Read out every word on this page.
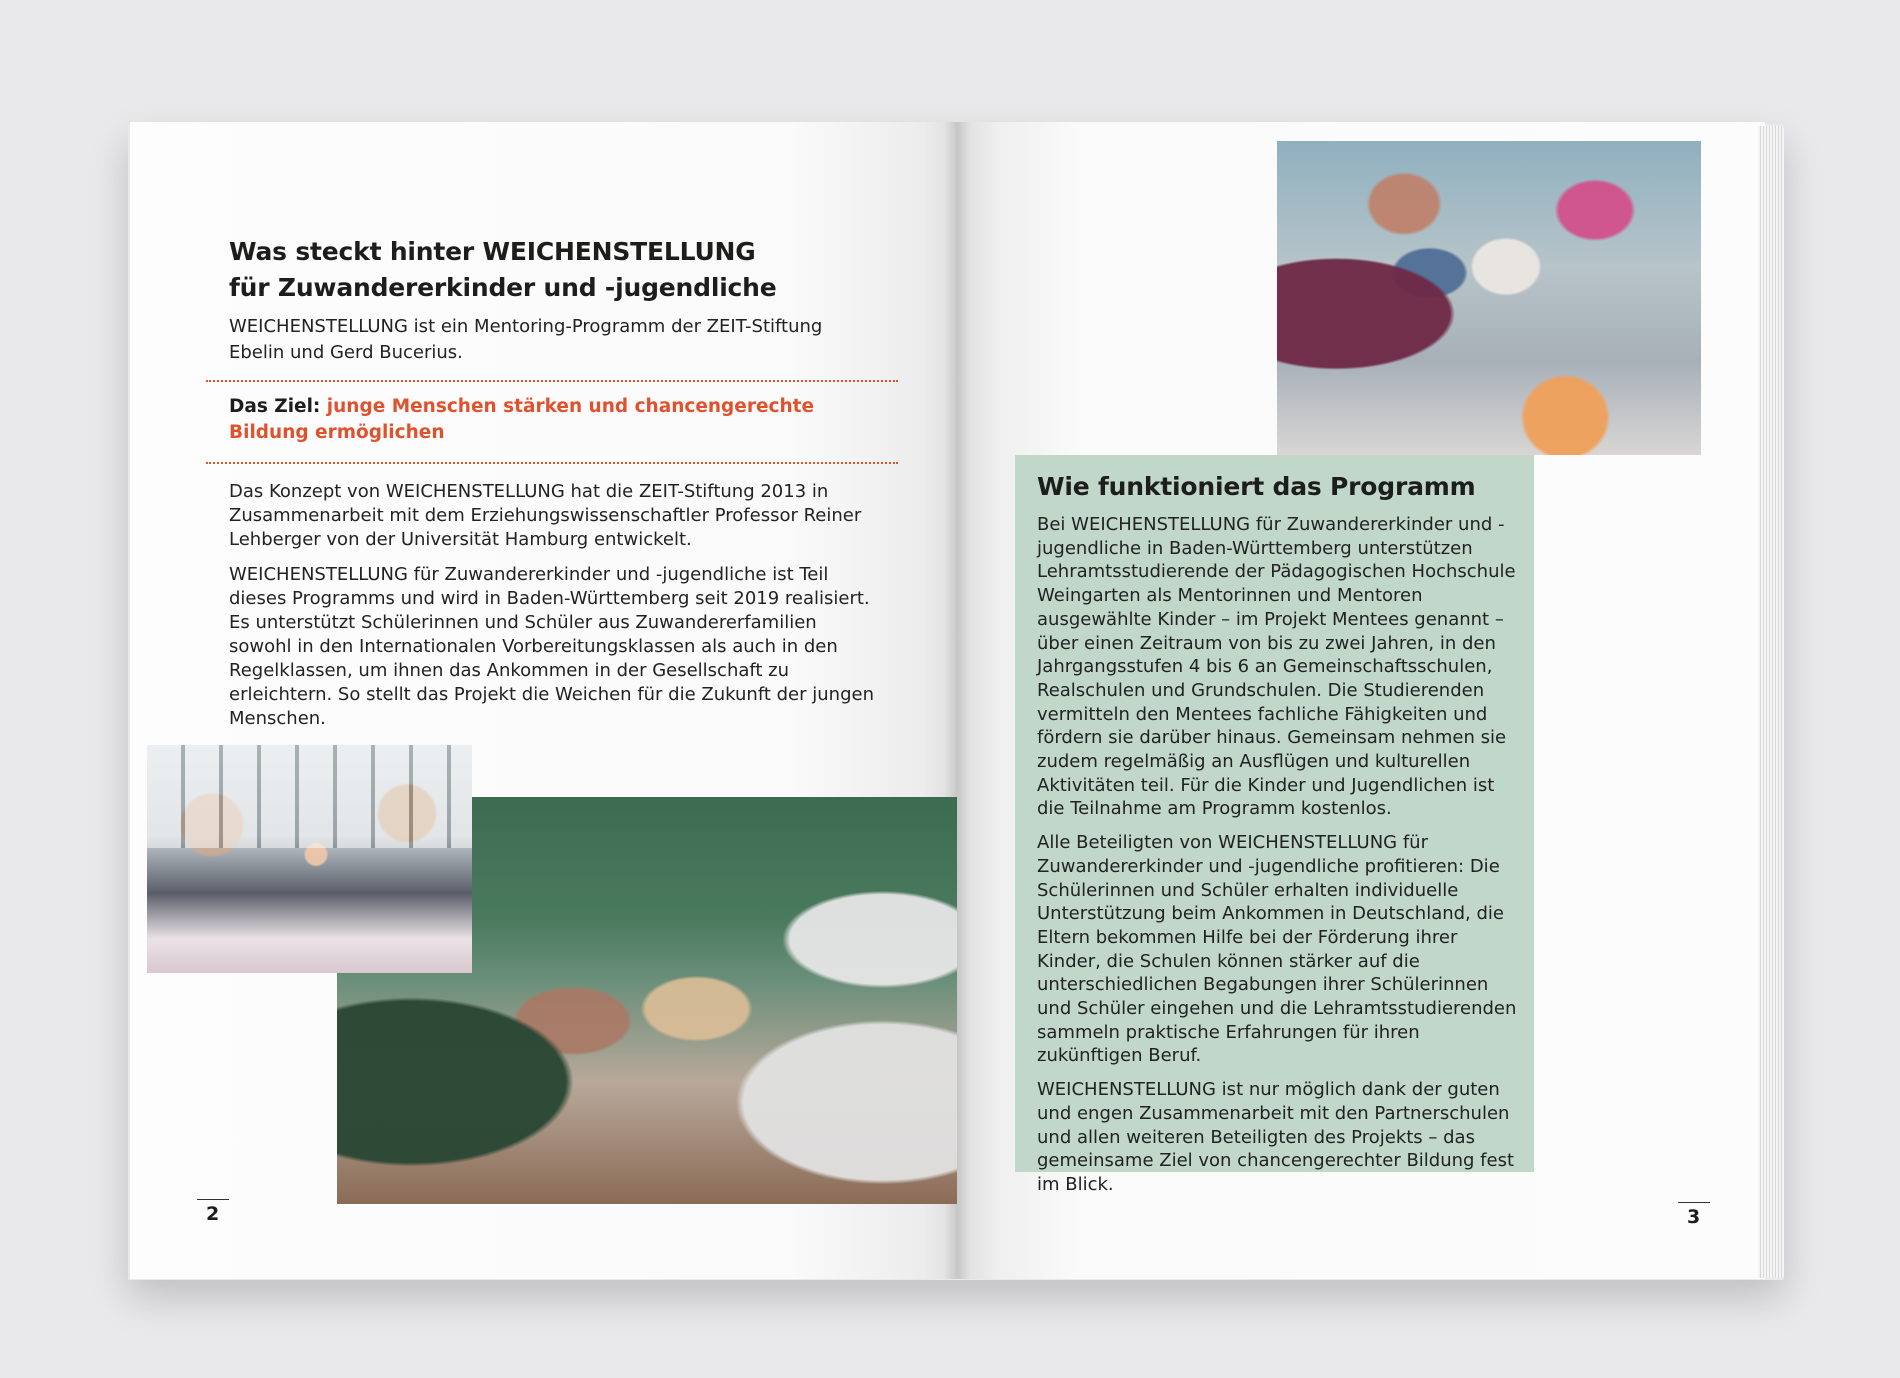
Was steckt hinter WEICHENSTELLUNG für Zuwandererkinder und -jugendliche
WEICHENSTELLUNG ist ein Mentoring-Programm der ZEIT-Stiftung Ebelin und Gerd Bucerius.
Das Ziel: junge Menschen stärken und chancengerechte Bildung ermöglichen

Das Konzept von WEICHENSTELLUNG hat die ZEIT-Stiftung 2013 in Zusammenarbeit mit dem Erziehungswissenschaftler Professor Reiner Lehberger von der Universität Hamburg entwickelt.

WEICHENSTELLUNG für Zuwandererkinder und -jugendliche ist Teil dieses Programms und wird in Baden-Württemberg seit 2019 realisiert. Es unterstützt Schülerinnen und Schüler aus Zuwandererfamilien sowohl in den Internationalen Vorbereitungsklassen als auch in den Regelklassen, um ihnen das Ankommen in der Gesellschaft zu erleichtern. So stellt das Projekt die Weichen für die Zukunft der jungen Menschen.

2
Wie funktioniert das Programm

Bei WEICHENSTELLUNG für Zuwandererkinder und -jugendliche in Baden-Württemberg unterstützen Lehramtsstudierende der Pädagogischen Hochschule Weingarten als Mentorinnen und Mentoren ausgewählte Kinder – im Projekt Mentees genannt – über einen Zeitraum von bis zu zwei Jahren, in den Jahrgangsstufen 4 bis 6 an Gemeinschaftsschulen, Realschulen und Grundschulen. Die Studierenden vermitteln den Mentees fachliche Fähigkeiten und fördern sie darüber hinaus. Gemeinsam nehmen sie zudem regelmäßig an Ausflügen und kulturellen Aktivitäten teil. Für die Kinder und Jugendlichen ist die Teilnahme am Programm kostenlos.

Alle Beteiligten von WEICHENSTELLUNG für Zuwandererkinder und -jugendliche profitieren: Die Schülerinnen und Schüler erhalten individuelle Unterstützung beim Ankommen in Deutschland, die Eltern bekommen Hilfe bei der Förderung ihrer Kinder, die Schulen können stärker auf die unterschiedlichen Begabungen ihrer Schülerinnen und Schüler eingehen und die Lehramtsstudierenden sammeln praktische Erfahrungen für ihren zukünftigen Beruf.

WEICHENSTELLUNG ist nur möglich dank der guten und engen Zusammenarbeit mit den Partnerschulen und allen weiteren Beteiligten des Projekts – das gemeinsame Ziel von chancengerechter Bildung fest im Blick.

3
